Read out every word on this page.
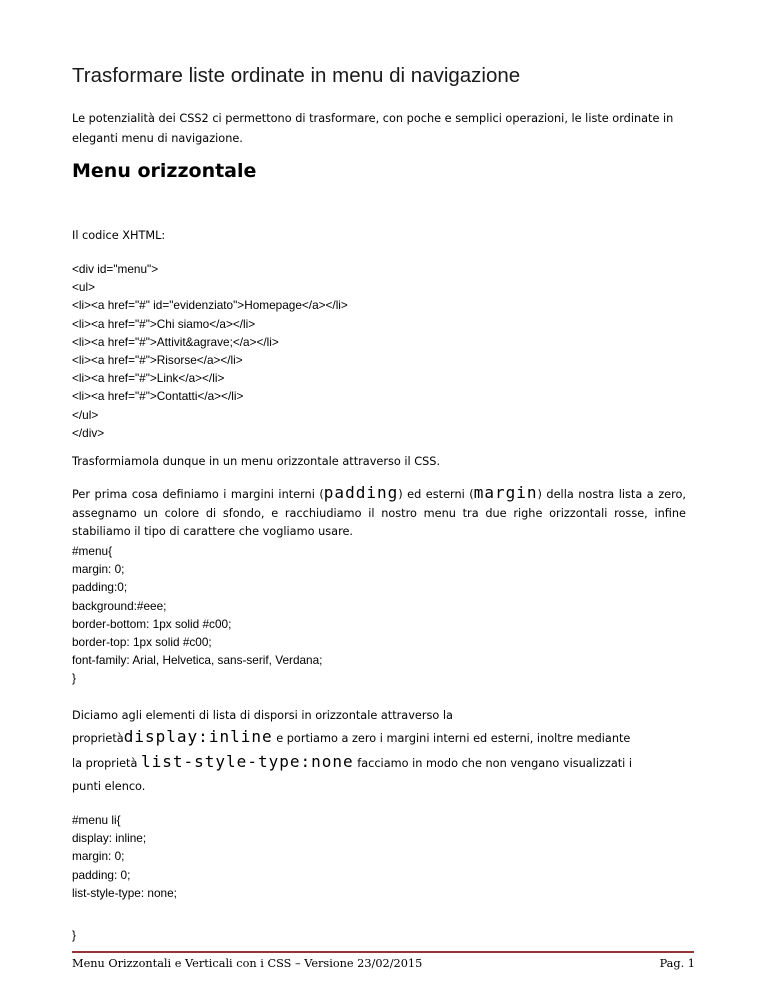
Trasformare liste ordinate in menu di navigazione

Le potenzialità dei CSS2 ci permettono di trasformare, con poche e semplici operazioni, le liste ordinate in eleganti menu di navigazione.

Menu orizzontale

Il codice XHTML:

<div id="menu">
<ul>
<li><a href="#" id="evidenziato">Homepage</a></li>
<li><a href="#">Chi siamo</a></li>
<li><a href="#">Attivit&agrave;</a></li>
<li><a href="#">Risorse</a></li>
<li><a href="#">Link</a></li>
<li><a href="#">Contatti</a></li>
</ul>
</div>

Trasformiamola dunque in un menu orizzontale attraverso il CSS.

Per prima cosa definiamo i margini interni (padding) ed esterni (margin) della nostra lista a zero, assegnamo un colore di sfondo, e racchiudiamo il nostro menu tra due righe orizzontali rosse, infine stabiliamo il tipo di carattere che vogliamo usare.

#menu{
margin: 0;
padding:0;
background:#eee;
border-bottom: 1px solid #c00;
border-top: 1px solid #c00;
font-family: Arial, Helvetica, sans-serif, Verdana;
}
Diciamo agli elementi di lista di disporsi in orizzontale attraverso la
proprietàdisplay:inline e portiamo a zero i margini interni ed esterni, inoltre mediante
la proprietà list-style-type:none facciamo in modo che non vengano visualizzati i
punti elenco.
#menu li{
display: inline;
margin: 0;
padding: 0;
list-style-type: none;
}
Menu Orizzontali e Verticali con i CSS – Versione 23/02/2015	Pag. 1
